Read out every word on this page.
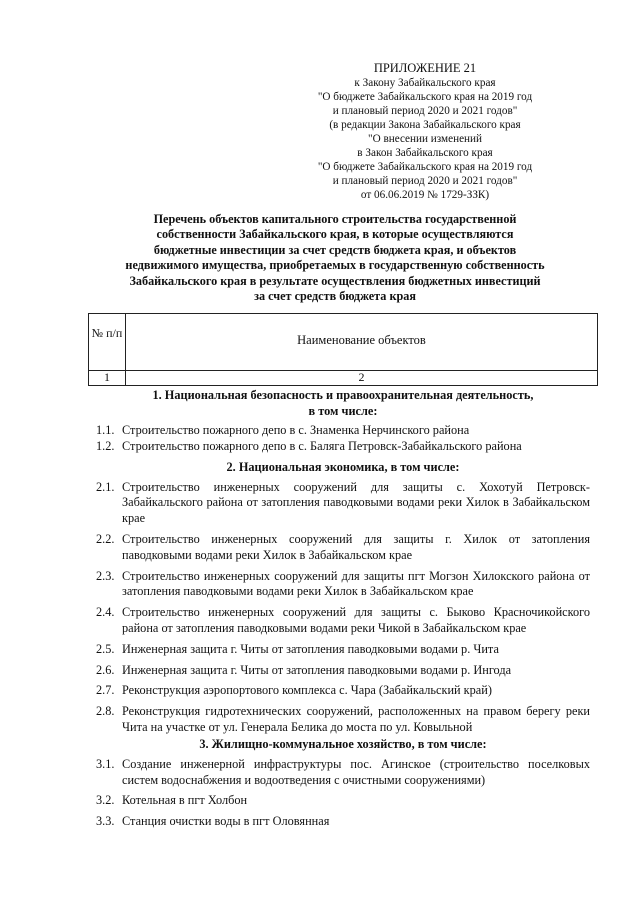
ПРИЛОЖЕНИЕ 21
к Закону Забайкальского края
"О бюджете Забайкальского края на 2019 год
и плановый период 2020 и 2021 годов"
(в редакции Закона Забайкальского края
"О внесении изменений
в Закон Забайкальского края
"О бюджете Забайкальского края на 2019 год
и плановый период 2020 и 2021 годов"
от 06.06.2019 № 1729-ЗЗК)
Перечень объектов капитального строительства государственной
собственности Забайкальского края, в которые осуществляются
бюджетные инвестиции за счет средств бюджета края, и объектов
недвижимого имущества, приобретаемых в государственную собственность
Забайкальского края в результате осуществления бюджетных инвестиций
за счет средств бюджета края
№ п/п	Наименование объектов
1	2
1. Национальная безопасность и правоохранительная деятельность,
в том числе:
1.1. Строительство пожарного депо в с. Знаменка Нерчинского района
1.2. Строительство пожарного депо в с. Баляга Петровск-Забайкальского района
2. Национальная экономика, в том числе:
2.1. Строительство инженерных сооружений для защиты с. Хохотуй Петровск-Забайкальского района от затопления паводковыми водами реки Хилок в Забайкальском крае
2.2. Строительство инженерных сооружений для защиты г. Хилок от затопления паводковыми водами реки Хилок в Забайкальском крае
2.3. Строительство инженерных сооружений для защиты пгт Могзон Хилокского района от затопления паводковыми водами реки Хилок в Забайкальском крае
2.4. Строительство инженерных сооружений для защиты с. Быково Красночикойского района от затопления паводковыми водами реки Чикой в Забайкальском крае
2.5. Инженерная защита г. Читы от затопления паводковыми водами р. Чита
2.6. Инженерная защита г. Читы от затопления паводковыми водами р. Ингода
2.7. Реконструкция аэропортового комплекса с. Чара (Забайкальский край)
2.8. Реконструкция гидротехнических сооружений, расположенных на правом берегу реки Чита на участке от ул. Генерала Белика до моста по ул. Ковыльной
3. Жилищно-коммунальное хозяйство, в том числе:
3.1. Создание инженерной инфраструктуры пос. Агинское (строительство поселковых систем водоснабжения и водоотведения с очистными сооружениями)
3.2. Котельная в пгт Холбон
3.3. Станция очистки воды в пгт Оловянная
